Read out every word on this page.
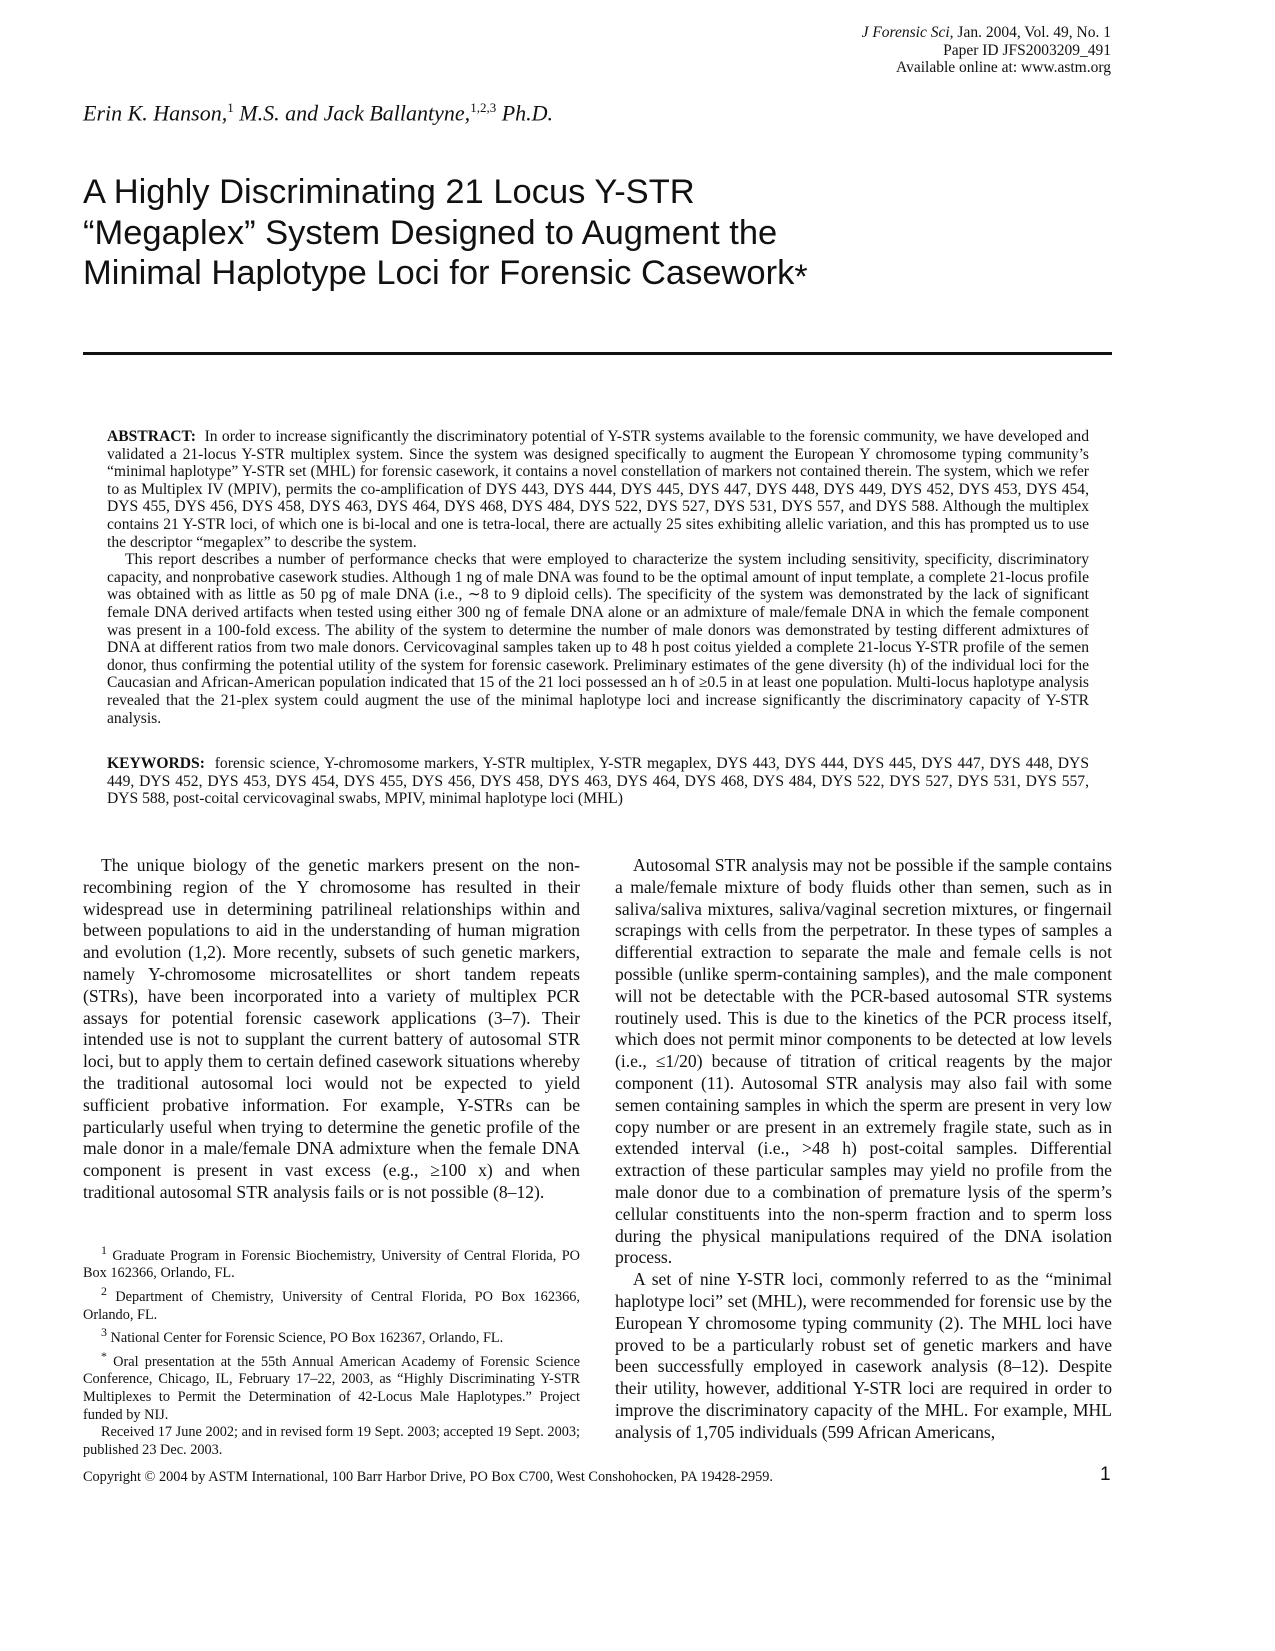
J Forensic Sci, Jan. 2004, Vol. 49, No. 1
Paper ID JFS2003209_491
Available online at: www.astm.org
Erin K. Hanson,$^1$ M.S. and Jack Ballantyne,$^{1,2,3}$ Ph.D.
A Highly Discriminating 21 Locus Y-STR
“Megaplex” System Designed to Augment the
Minimal Haplotype Loci for Forensic Casework*

ABSTRACT: In order to increase significantly the discriminatory potential of Y-STR systems available to the forensic community, we have developed and validated a 21-locus Y-STR multiplex system. Since the system was designed specifically to augment the European Y chromosome typing community’s “minimal haplotype” Y-STR set (MHL) for forensic casework, it contains a novel constellation of markers not contained therein. The system, which we refer to as Multiplex IV (MPIV), permits the co-amplification of DYS 443, DYS 444, DYS 445, DYS 447, DYS 448, DYS 449, DYS 452, DYS 453, DYS 454, DYS 455, DYS 456, DYS 458, DYS 463, DYS 464, DYS 468, DYS 484, DYS 522, DYS 527, DYS 531, DYS 557, and DYS 588. Although the multiplex contains 21 Y-STR loci, of which one is bi-local and one is tetra-local, there are actually 25 sites exhibiting allelic variation, and this has prompted us to use the descriptor “megaplex” to describe the system.

This report describes a number of performance checks that were employed to characterize the system including sensitivity, specificity, discriminatory capacity, and nonprobative casework studies. Although 1 ng of male DNA was found to be the optimal amount of input template, a complete 21-locus profile was obtained with as little as 50 pg of male DNA (i.e., ∼8 to 9 diploid cells). The specificity of the system was demonstrated by the lack of significant female DNA derived artifacts when tested using either 300 ng of female DNA alone or an admixture of male/female DNA in which the female component was present in a 100-fold excess. The ability of the system to determine the number of male donors was demonstrated by testing different admixtures of DNA at different ratios from two male donors. Cervicovaginal samples taken up to 48 h post coitus yielded a complete 21-locus Y-STR profile of the semen donor, thus confirming the potential utility of the system for forensic casework. Preliminary estimates of the gene diversity (h) of the individual loci for the Caucasian and African-American population indicated that 15 of the 21 loci possessed an h of ≥0.5 in at least one population. Multi-locus haplotype analysis revealed that the 21-plex system could augment the use of the minimal haplotype loci and increase significantly the discriminatory capacity of Y-STR analysis.

KEYWORDS: forensic science, Y-chromosome markers, Y-STR multiplex, Y-STR megaplex, DYS 443, DYS 444, DYS 445, DYS 447, DYS 448, DYS 449, DYS 452, DYS 453, DYS 454, DYS 455, DYS 456, DYS 458, DYS 463, DYS 464, DYS 468, DYS 484, DYS 522, DYS 527, DYS 531, DYS 557, DYS 588, post-coital cervicovaginal swabs, MPIV, minimal haplotype loci (MHL)

The unique biology of the genetic markers present on the non-recombining region of the Y chromosome has resulted in their widespread use in determining patrilineal relationships within and between populations to aid in the understanding of human migration and evolution (1,2). More recently, subsets of such genetic markers, namely Y-chromosome microsatellites or short tandem repeats (STRs), have been incorporated into a variety of multiplex PCR assays for potential forensic casework applications (3–7). Their intended use is not to supplant the current battery of autosomal STR loci, but to apply them to certain defined casework situations whereby the traditional autosomal loci would not be expected to yield sufficient probative information. For example, Y-STRs can be particularly useful when trying to determine the genetic profile of the male donor in a male/female DNA admixture when the female DNA component is present in vast excess (e.g., ≥100 x) and when traditional autosomal STR analysis fails or is not possible (8–12).

$^1$ Graduate Program in Forensic Biochemistry, University of Central Florida, PO Box 162366, Orlando, FL.

$^2$ Department of Chemistry, University of Central Florida, PO Box 162366, Orlando, FL.

$^3$ National Center for Forensic Science, PO Box 162367, Orlando, FL.

* Oral presentation at the 55th Annual American Academy of Forensic Science Conference, Chicago, IL, February 17–22, 2003, as “Highly Discriminating Y-STR Multiplexes to Permit the Determination of 42-Locus Male Haplotypes.” Project funded by NIJ.

Received 17 June 2002; and in revised form 19 Sept. 2003; accepted 19 Sept. 2003; published 23 Dec. 2003.

Autosomal STR analysis may not be possible if the sample contains a male/female mixture of body fluids other than semen, such as in saliva/saliva mixtures, saliva/vaginal secretion mixtures, or fingernail scrapings with cells from the perpetrator. In these types of samples a differential extraction to separate the male and female cells is not possible (unlike sperm-containing samples), and the male component will not be detectable with the PCR-based autosomal STR systems routinely used. This is due to the kinetics of the PCR process itself, which does not permit minor components to be detected at low levels (i.e., ≤1/20) because of titration of critical reagents by the major component (11). Autosomal STR analysis may also fail with some semen containing samples in which the sperm are present in very low copy number or are present in an extremely fragile state, such as in extended interval (i.e., >48 h) post-coital samples. Differential extraction of these particular samples may yield no profile from the male donor due to a combination of premature lysis of the sperm’s cellular constituents into the non-sperm fraction and to sperm loss during the physical manipulations required of the DNA isolation process.

A set of nine Y-STR loci, commonly referred to as the “minimal haplotype loci” set (MHL), were recommended for forensic use by the European Y chromosome typing community (2). The MHL loci have proved to be a particularly robust set of genetic markers and have been successfully employed in casework analysis (8–12). Despite their utility, however, additional Y-STR loci are required in order to improve the discriminatory capacity of the MHL. For example, MHL analysis of 1,705 individuals (599 African Americans,

Copyright © 2004 by ASTM International, 100 Barr Harbor Drive, PO Box C700, West Conshohocken, PA 19428-2959.	1
